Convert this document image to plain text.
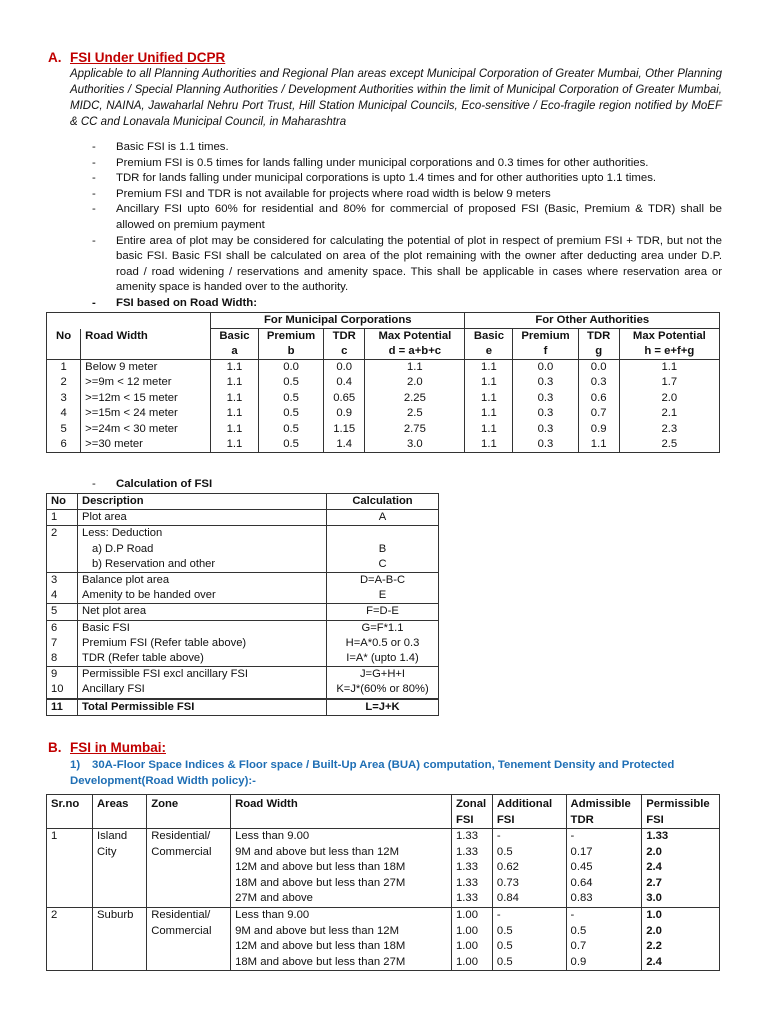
A. FSI Under Unified DCPR
Applicable to all Planning Authorities and Regional Plan areas except Municipal Corporation of Greater Mumbai, Other Planning Authorities / Special Planning Authorities / Development Authorities within the limit of Municipal Corporation of Greater Mumbai, MIDC, NAINA, Jawaharlal Nehru Port Trust, Hill Station Municipal Councils, Eco-sensitive / Eco-fragile region notified by MoEF & CC and Lonavala Municipal Council, in Maharashtra
- Basic FSI is 1.1 times.
- Premium FSI is 0.5 times for lands falling under municipal corporations and 0.3 times for other authorities.
- TDR for lands falling under municipal corporations is upto 1.4 times and for other authorities upto 1.1 times.
- Premium FSI and TDR is not available for projects where road width is below 9 meters
- Ancillary FSI upto 60% for residential and 80% for commercial of proposed FSI (Basic, Premium & TDR) shall be allowed on premium payment
- Entire area of plot may be considered for calculating the potential of plot in respect of premium FSI + TDR, but not the basic FSI. Basic FSI shall be calculated on area of the plot remaining with the owner after deducting area under D.P. road / road widening / reservations and amenity space. This shall be applicable in cases where reservation area or amenity space is handed over to the authority.
- FSI based on Road Width:
		For Municipal Corporations				For Other Authorities			
No	Road Width	Basic	Premium	TDR	Max Potential	Basic	Premium	TDR	Max Potential
		a	b	c	d = a+b+c	e	f	g	h = e+f+g
1	Below 9 meter	1.1	0.0	0.0	1.1	1.1	0.0	0.0	1.1
2	>=9m < 12 meter	1.1	0.5	0.4	2.0	1.1	0.3	0.3	1.7
3	>=12m < 15 meter	1.1	0.5	0.65	2.25	1.1	0.3	0.6	2.0
4	>=15m < 24 meter	1.1	0.5	0.9	2.5	1.1	0.3	0.7	2.1
5	>=24m < 30 meter	1.1	0.5	1.15	2.75	1.1	0.3	0.9	2.3
6	>=30 meter	1.1	0.5	1.4	3.0	1.1	0.3	1.1	2.5
- Calculation of FSI
No	Description	Calculation
1	Plot area	A
2	Less: Deduction	
	a) D.P Road	B
	b) Reservation and other	C
3	Balance plot area	D=A-B-C
4	Amenity to be handed over	E
5	Net plot area	F=D-E
6	Basic FSI	G=F*1.1
7	Premium FSI (Refer table above)	H=A*0.5 or 0.3
8	TDR (Refer table above)	I=A* (upto 1.4)
9	Permissible FSI excl ancillary FSI	J=G+H+I
10	Ancillary FSI	K=J*(60% or 80%)
11	Total Permissible FSI	L=J+K
B. FSI in Mumbai:
1) 30A-Floor Space Indices & Floor space / Built-Up Area (BUA) computation, Tenement Density and Protected Development(Road Width policy):-
Sr.no	Areas	Zone	Road Width	Zonal FSI	Additional FSI	Admissible TDR	Permissible FSI
1	Island City	Residential/ Commercial	Less than 9.00	1.33	-	-	1.33
			9M and above but less than 12M	1.33	0.5	0.17	2.0
			12M and above but less than 18M	1.33	0.62	0.45	2.4
			18M and above but less than 27M	1.33	0.73	0.64	2.7
			27M and above	1.33	0.84	0.83	3.0
2	Suburb	Residential/ Commercial	Less than 9.00	1.00	-	-	1.0
			9M and above but less than 12M	1.00	0.5	0.5	2.0
			12M and above but less than 18M	1.00	0.5	0.7	2.2
			18M and above but less than 27M	1.00	0.5	0.9	2.4
